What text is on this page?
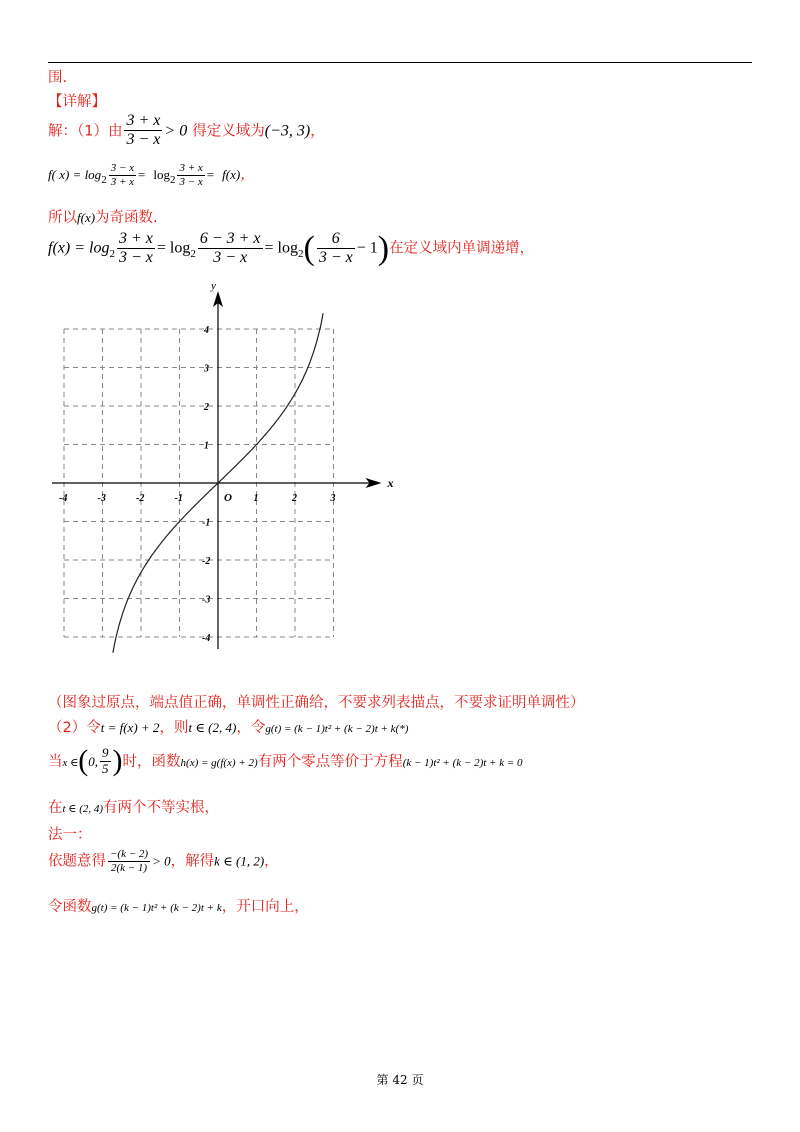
围.
【详解】
解：（1）由 $\frac{3 + x}{3 - x} > 0$ 得定义域为(−3, 3)，
f( $x) = \log_2 \frac{3 - x}{3 + x} = \log_2 \frac{3 + x}{3 - x} = f(x)$，
所以f(x)为奇函数.
$f(x) = \log_2 \frac{3 + x}{3 - x} = \log_2 \frac{6 - 3 + x}{3 - x} = \log_2( \frac{6}{3 - x} - 1)$在定义域内单调递增，
x
y
O
-4	-3	-2	-1	1	2	3
-4
-3
-2
-1
1
2
3
4
（图象过原点，端点值正确，单调性正确给，不要求列表描点，不要求证明单调性）
（2）令t = f(x) + 2，则t ∈ (2, 4)，令g(t) = (k − 1)t² + (k − 2)t + k(*)
当x ∈(0, $\frac{9}{5}$ )时，函数h(x) = g(f(x) + 2)有两个零点等价于方程(k − 1)t² + (k − 2)t + k = 0
在t ∈ (2, 4)有两个不等实根，
法一：
依题意得 $\frac{-(k - 2)}{2(k - 1)} > 0$，解得k ∈ (1, 2)，
令函数g(t) = (k − 1)t² + (k − 2)t + k，开口向上，
第 42 页
